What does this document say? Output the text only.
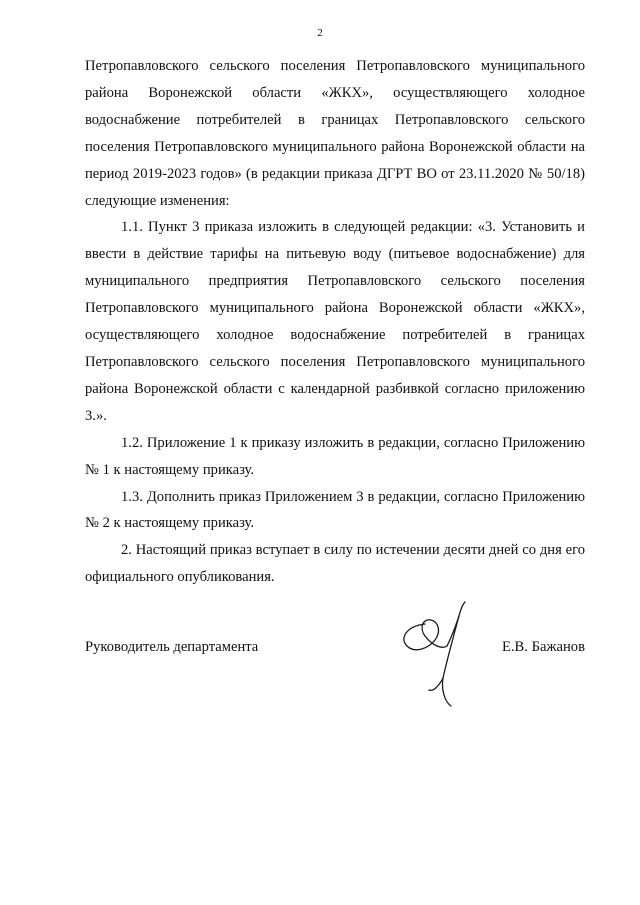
2

Петропавловского сельского поселения Петропавловского муниципального района Воронежской области «ЖКХ», осуществляющего холодное водоснабжение потребителей в границах Петропавловского сельского поселения Петропавловского муниципального района Воронежской области на период 2019-2023 годов» (в редакции приказа ДГРТ ВО от 23.11.2020 № 50/18) следующие изменения:

1.1. Пункт 3 приказа изложить в следующей редакции: «3. Установить и ввести в действие тарифы на питьевую воду (питьевое водоснабжение) для муниципального предприятия Петропавловского сельского поселения Петропавловского муниципального района Воронежской области «ЖКХ», осуществляющего холодное водоснабжение потребителей в границах Петропавловского сельского поселения Петропавловского муниципального района Воронежской области с календарной разбивкой согласно приложению 3.».

1.2. Приложение 1 к приказу изложить в редакции, согласно Приложению № 1 к настоящему приказу.

1.3. Дополнить приказ Приложением 3 в редакции, согласно Приложению № 2 к настоящему приказу.

2. Настоящий приказ вступает в силу по истечении десяти дней со дня его официального опубликования.

Руководитель департамента	Е.В. Бажанов
